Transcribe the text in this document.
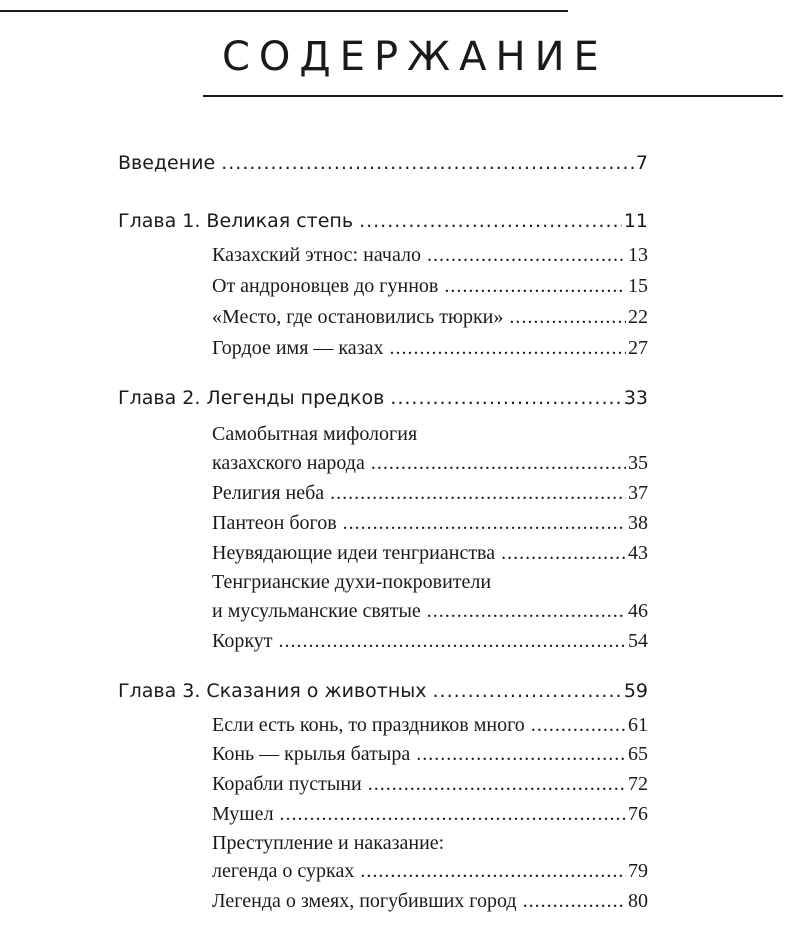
СОДЕРЖАНИЕ
Введение .....	7
Глава 1. Великая степь .....	11
Казахский этнос: начало .....	13
От андроновцев до гуннов .....	15
«Место, где остановились тюрки» .....	22
Гордое имя — казах .....	27
Глава 2. Легенды предков .....	33
Самобытная мифология
казахского народа .....	35
Религия неба .....	37
Пантеон богов .....	38
Неувядающие идеи тенгрианства .....	43
Тенгрианские духи-покровители
и мусульманские святые .....	46
Коркут .....	54
Глава 3. Сказания о животных .....	59
Если есть конь, то праздников много .....	61
Конь — крылья батыра .....	65
Корабли пустыни .....	72
Мушел .....	76
Преступление и наказание:
легенда о сурках .....	79
Легенда о змеях, погубивших город .....	80
